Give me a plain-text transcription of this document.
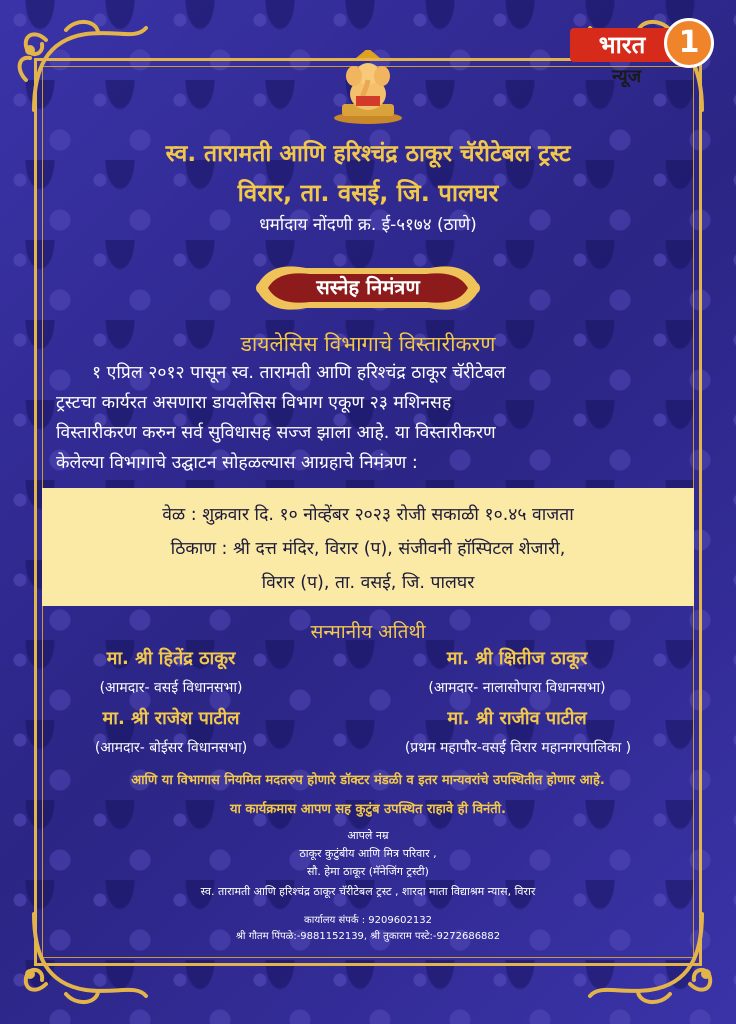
भारत	1
न्यूज
स्व. तारामती आणि हरिश्चंद्र ठाकूर चॅरीटेबल ट्रस्ट
विरार, ता. वसई, जि. पालघर
धर्मादाय नोंदणी क्र. ई-५१७४ (ठाणे)
सस्नेह निमंत्रण
डायलेसिस विभागाचे विस्तारीकरण
१ एप्रिल २०१२ पासून स्व. तारामती आणि हरिश्चंद्र ठाकूर चॅरीटेबल
ट्रस्टचा कार्यरत असणारा डायलेसिस विभाग एकूण २३ मशिनसह
विस्तारीकरण करुन सर्व सुविधासह सज्ज झाला आहे. या विस्तारीकरण
केलेल्या विभागाचे उद्घाटन सोहळल्यास आग्रहाचे निमंत्रण :
वेळ : शुक्रवार दि. १० नोव्हेंबर २०२३ रोजी सकाळी १०.४५ वाजता
ठिकाण : श्री दत्त मंदिर, विरार (प), संजीवनी हॉस्पिटल शेजारी,
विरार (प), ता. वसई, जि. पालघर
सन्मानीय अतिथी
मा. श्री हितेंद्र ठाकूर
(आमदार- वसई विधानसभा)
मा. श्री क्षितीज ठाकूर
(आमदार- नालासोपारा विधानसभा)
मा. श्री राजेश पाटील
(आमदार- बोईसर विधानसभा)
मा. श्री राजीव पाटील
(प्रथम महापौर-वसई विरार महानगरपालिका )
आणि या विभागास नियमित मदतरुप होणारे डॉक्टर मंडळी व इतर मान्यवरांचे उपस्थितीत होणार आहे.
या कार्यक्रमास आपण सह कुटुंब उपस्थित राहावे ही विनंती.
आपले नम्र
ठाकूर कुटुंबीय आणि मित्र परिवार ,
सौ. हेमा ठाकूर (मॅनेजिंग ट्रस्टी)
स्व. तारामती आणि हरिश्चंद्र ठाकूर चॅरीटेबल ट्रस्ट , शारदा माता विद्याश्रम न्यास, विरार
कार्यालय संपर्क : 9209602132
श्री गौतम पिंपळे:-9881152139, श्री तुकाराम पस्टे:-9272686882
